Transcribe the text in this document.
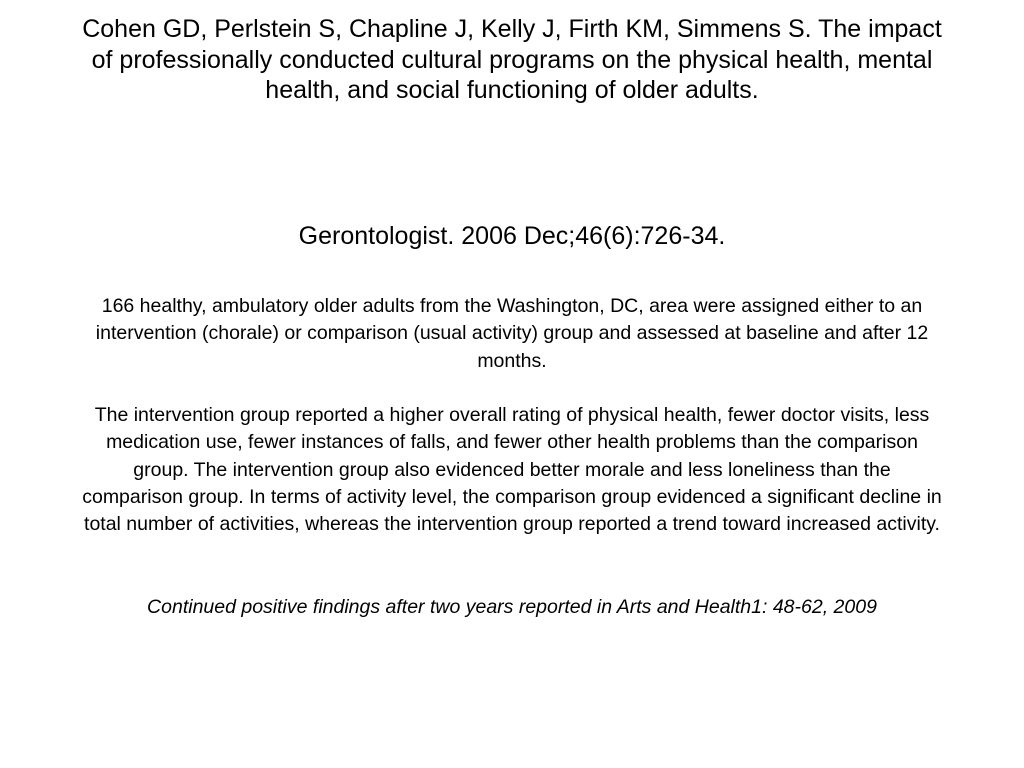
Cohen GD, Perlstein S, Chapline J, Kelly J, Firth KM, Simmens S. The impact of professionally conducted cultural programs on the physical health, mental health, and social functioning of older adults.

Gerontologist. 2006 Dec;46(6):726-34.

166 healthy, ambulatory older adults from the Washington, DC, area were assigned either to an intervention (chorale) or comparison (usual activity) group and assessed at baseline and after 12 months.

The intervention group reported a higher overall rating of physical health, fewer doctor visits, less medication use, fewer instances of falls, and fewer other health problems than the comparison group. The intervention group also evidenced better morale and less loneliness than the comparison group. In terms of activity level, the comparison group evidenced a significant decline in total number of activities, whereas the intervention group reported a trend toward increased activity.

Continued positive findings after two years reported in Arts and Health1: 48-62, 2009
